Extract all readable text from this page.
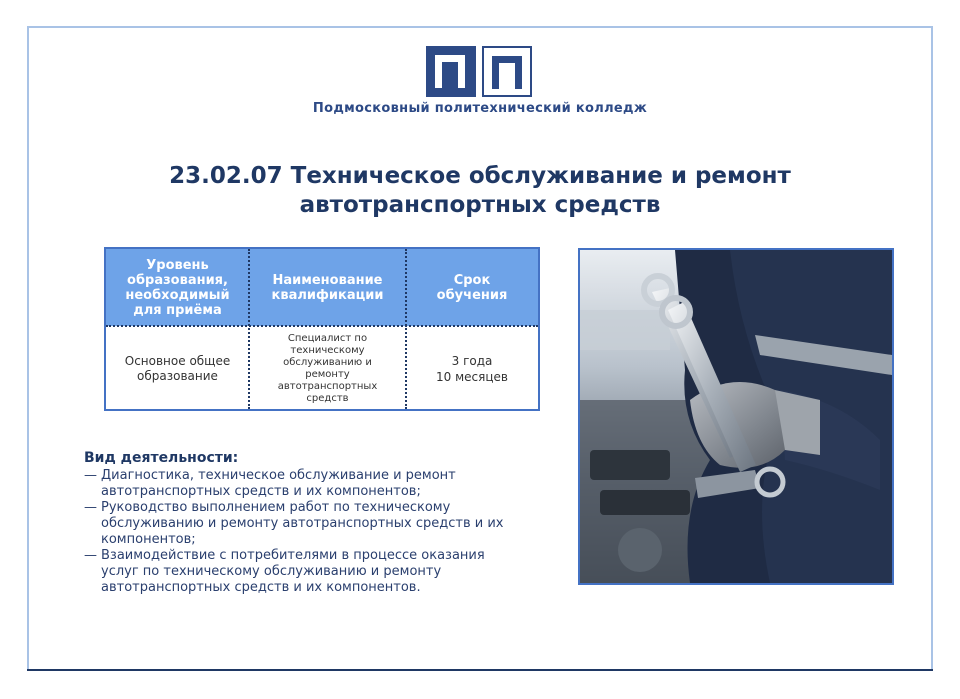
Подмосковный политехнический колледж
23.02.07 Техническое обслуживание и ремонт
автотранспортных средств
Уровень
образования,
необходимый
для приёма
Наименование
квалификации
Срок
обучения
Основное общее
образование
Специалист по
техническому
обслуживанию и
ремонту
автотранспортных
средств
3 года
10 месяцев
Вид деятельности:
— Диагностика, техническое обслуживание и ремонт
автотранспортных средств и их компонентов;
— Руководство выполнением работ по техническому
обслуживанию и ремонту автотранспортных средств и их
компонентов;
— Взаимодействие с потребителями в процессе оказания
услуг по техническому обслуживанию и ремонту
автотранспортных средств и их компонентов.
